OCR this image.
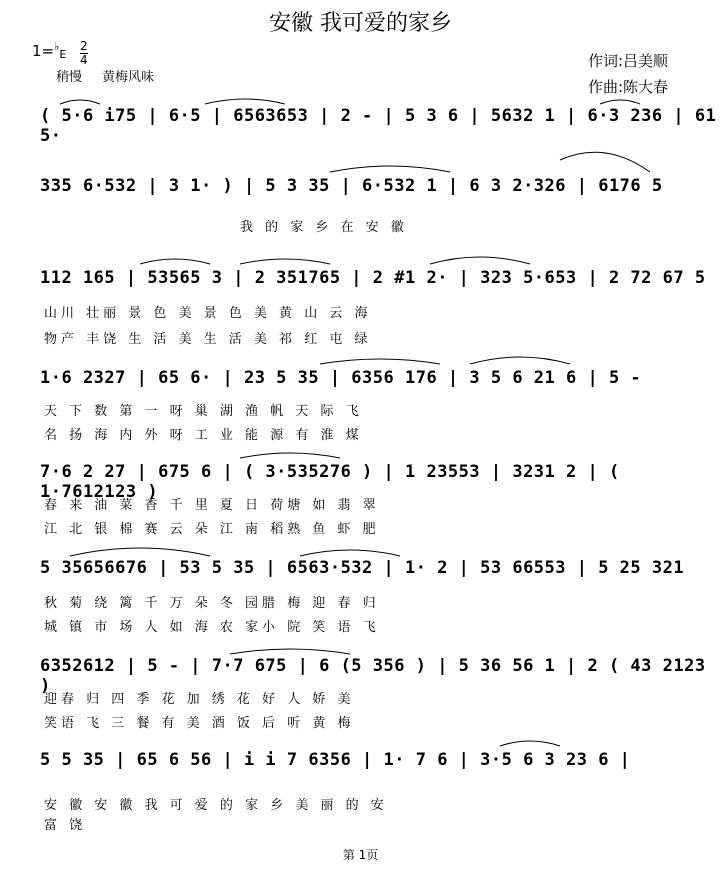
安徽 我可爱的家乡
1=♭E
2
4
稍慢 黄梅风味
作词:吕美顺
作曲:陈大春
( 5·6 i75 | 6·5 | 6563653 | 2 - | 5 3 6 | 5632 1 | 6·3 236 | 61 5·
335 6·532 | 3 1· ) | 5 3 35 | 6·532 1 | 6 3 2·326 | 6176 5
我 的 家 乡 在 安 徽
112 165 | 53565 3 | 2 351765 | 2 #1 2· | 323 5·653 | 2 72 67 5
山川 壮丽 景 色 美 景 色 美 黄 山 云 海
物产 丰饶 生 活 美 生 活 美 祁 红 屯 绿
1·6 2327 | 65 6· | 23 5 35 | 6356 176 | 3 5 6 21 6 | 5 -
天 下 数 第 一 呀 巢 湖 渔 帆 天 际 飞
名 扬 海 内 外 呀 工 业 能 源 有 淮 煤
7·6 2 27 | 675 6 | ( 3·535276 ) | 1 23553 | 3231 2 | ( 1·7612123 )
春 来 油 菜 香 千 里 夏 日 荷塘 如 翡 翠
江 北 银 棉 赛 云 朵 江 南 稻熟 鱼 虾 肥
5 35656676 | 53 5 35 | 6563·532 | 1· 2 | 53 66553 | 5 25 321
秋 菊 绕 篱 千 万 朵 冬 园腊 梅 迎 春 归
城 镇 市 场 人 如 海 农 家小 院 笑 语 飞
6352612 | 5 - | 7·7 675 | 6 (5 356 ) | 5 36 56 1 | 2 ( 43 2123 )
迎春 归 四 季 花 加 绣 花 好 人 娇 美
笑语 飞 三 餐 有 美 酒 饭 后 听 黄 梅
5 5 35 | 65 6 56 | i i 7 6356 | 1· 7 6 | 3·5 6 3 23 6 |
安 徽 安 徽 我 可 爱 的 家 乡 美 丽 的 安
富 饶
第 1页
